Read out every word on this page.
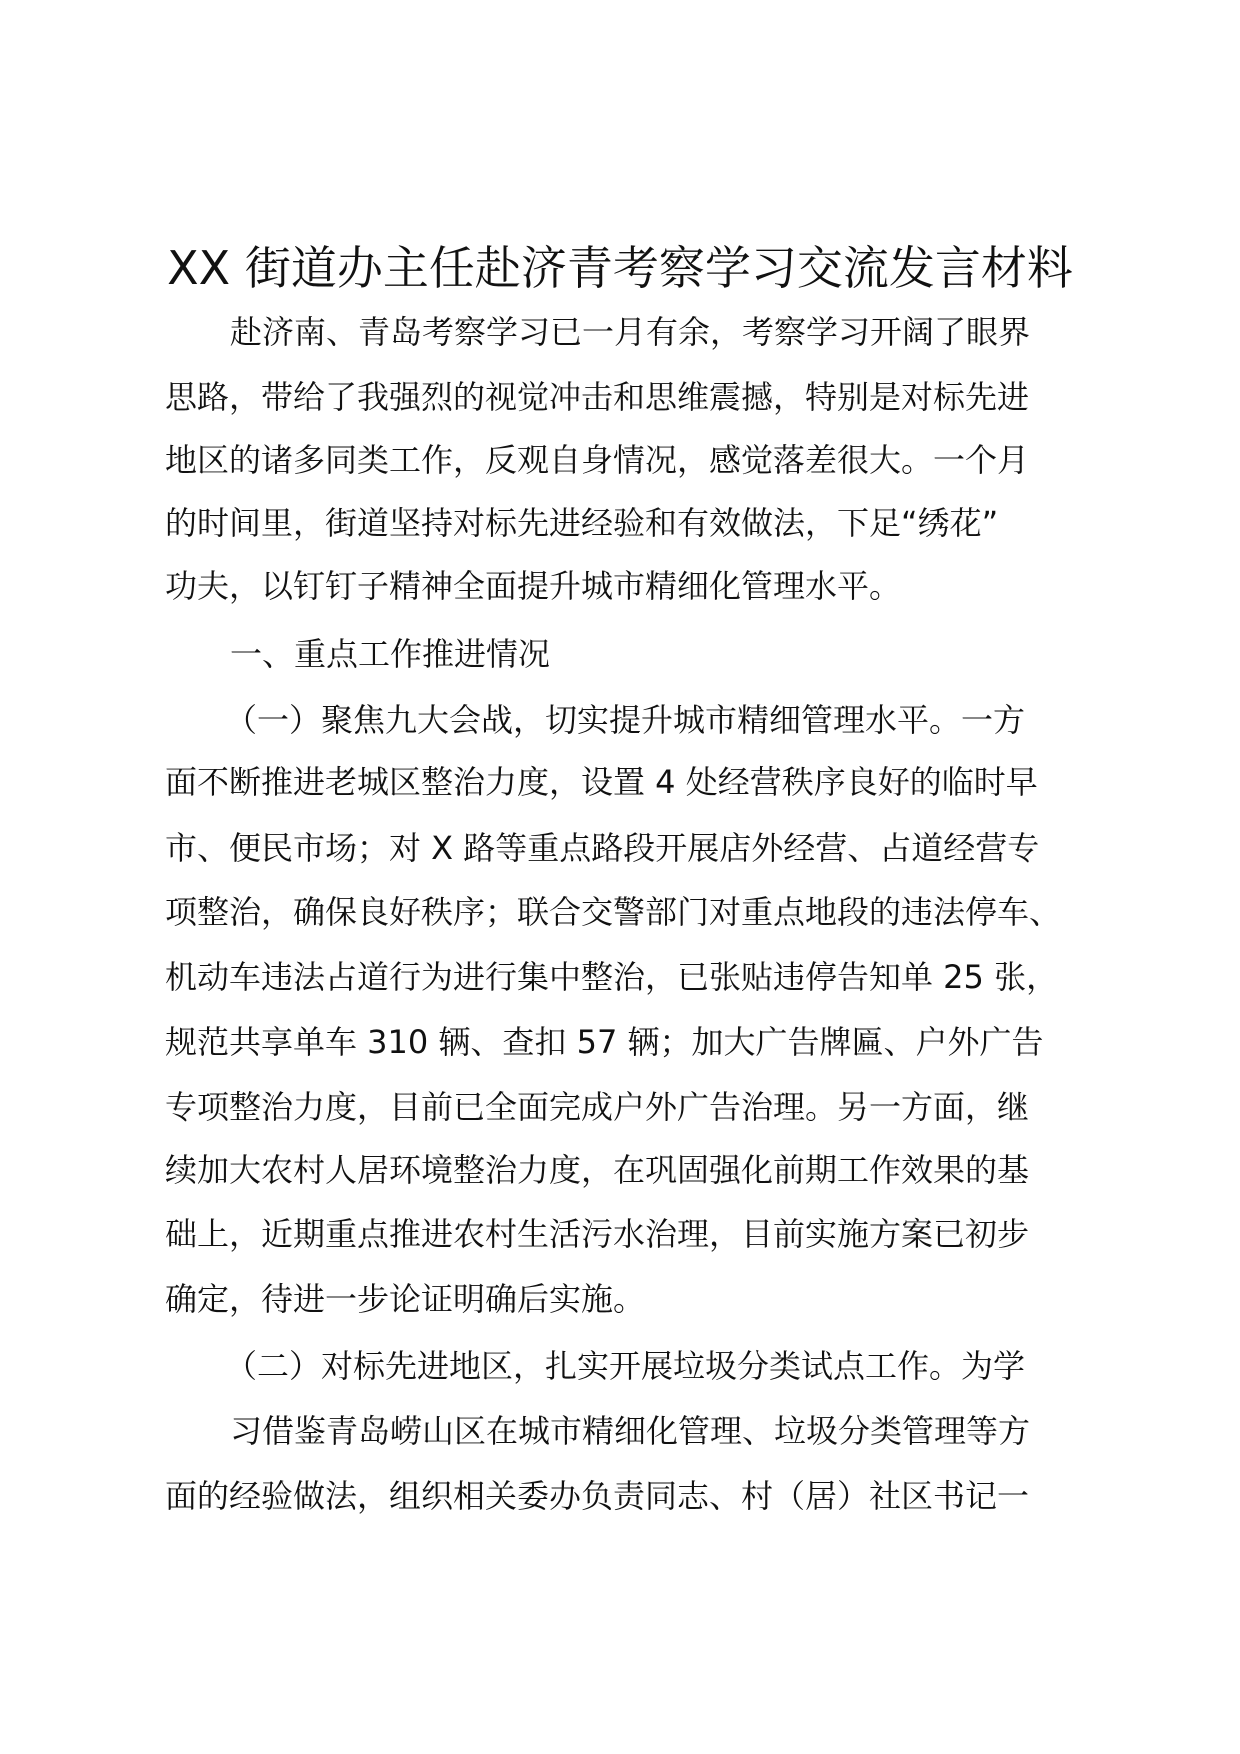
XX 街道办主任赴济青考察学习交流发言材料
赴济南、青岛考察学习已一月有余，考察学习开阔了眼界
思路，带给了我强烈的视觉冲击和思维震撼，特别是对标先进
地区的诸多同类工作，反观自身情况，感觉落差很大。一个月
的时间里，街道坚持对标先进经验和有效做法，下足“绣花”
功夫，以钉钉子精神全面提升城市精细化管理水平。
一、重点工作推进情况
（一）聚焦九大会战，切实提升城市精细管理水平。一方
面不断推进老城区整治力度，设置 4 处经营秩序良好的临时早
市、便民市场；对 X 路等重点路段开展店外经营、占道经营专
项整治，确保良好秩序；联合交警部门对重点地段的违法停车、
机动车违法占道行为进行集中整治，已张贴违停告知单 25 张，
规范共享单车 310 辆、查扣 57 辆；加大广告牌匾、户外广告
专项整治力度，目前已全面完成户外广告治理。另一方面，继
续加大农村人居环境整治力度，在巩固强化前期工作效果的基
础上，近期重点推进农村生活污水治理，目前实施方案已初步
确定，待进一步论证明确后实施。
（二）对标先进地区，扎实开展垃圾分类试点工作。为学
习借鉴青岛崂山区在城市精细化管理、垃圾分类管理等方
面的经验做法，组织相关委办负责同志、村（居）社区书记一
